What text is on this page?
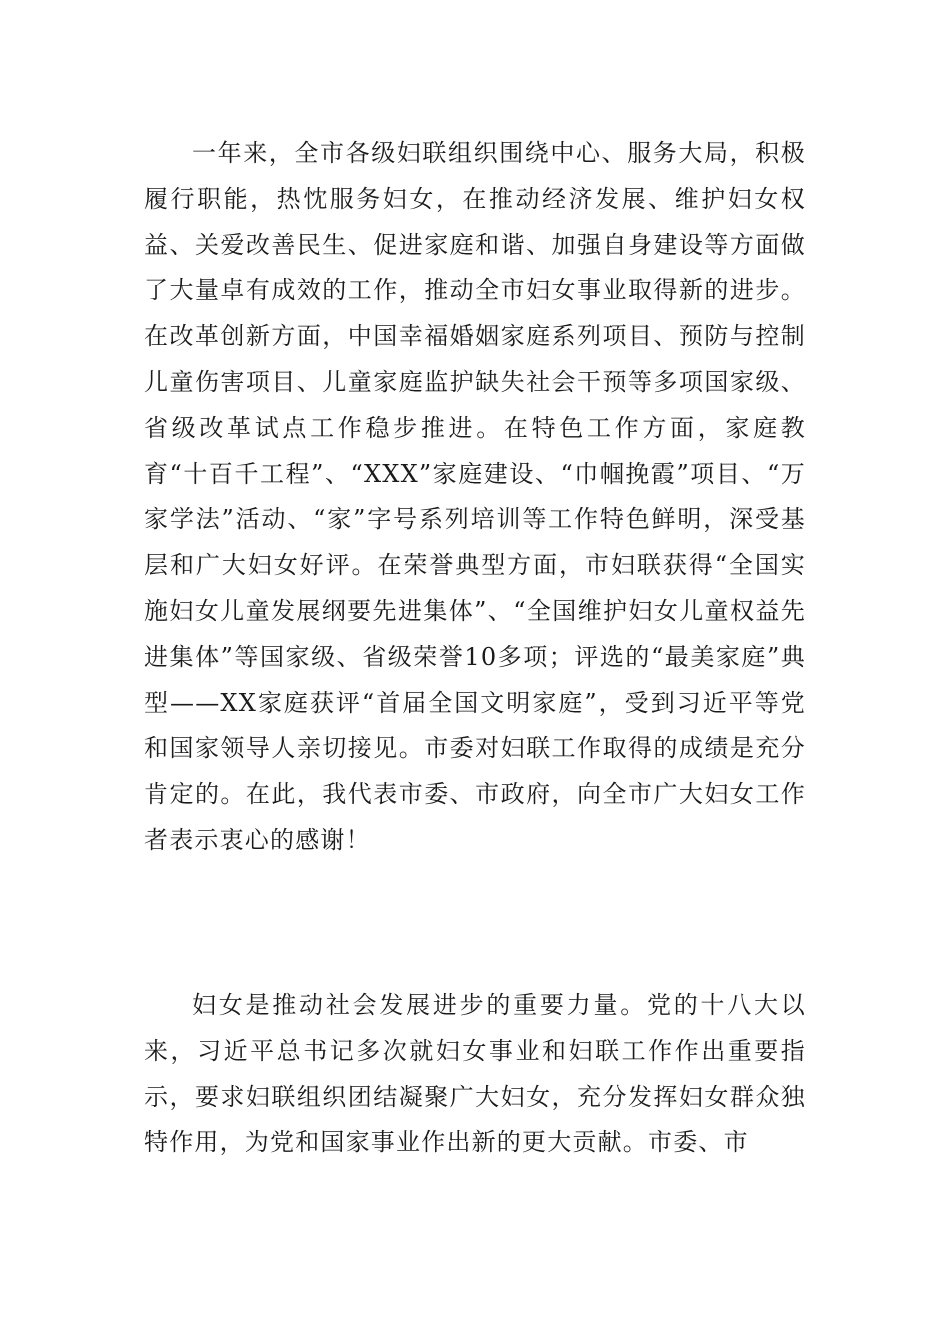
一年来，全市各级妇联组织围绕中心、服务大局，积极履行职能，热忱服务妇女，在推动经济发展、维护妇女权益、关爱改善民生、促进家庭和谐、加强自身建设等方面做了大量卓有成效的工作，推动全市妇女事业取得新的进步。在改革创新方面，中国幸福婚姻家庭系列项目、预防与控制儿童伤害项目、儿童家庭监护缺失社会干预等多项国家级、省级改革试点工作稳步推进。在特色工作方面，家庭教育“十百千工程”、“XXX”家庭建设、“巾帼挽霞”项目、“万家学法”活动、“家”字号系列培训等工作特色鲜明，深受基层和广大妇女好评。在荣誉典型方面，市妇联获得“全国实施妇女儿童发展纲要先进集体”、“全国维护妇女儿童权益先进集体”等国家级、省级荣誉10多项；评选的“最美家庭”典型——XX家庭获评“首届全国文明家庭”，受到习近平等党和国家领导人亲切接见。市委对妇联工作取得的成绩是充分肯定的。在此，我代表市委、市政府，向全市广大妇女工作者表示衷心的感谢！

妇女是推动社会发展进步的重要力量。党的十八大以来，习近平总书记多次就妇女事业和妇联工作作出重要指示，要求妇联组织团结凝聚广大妇女，充分发挥妇女群众独特作用，为党和国家事业作出新的更大贡献。市委、市
